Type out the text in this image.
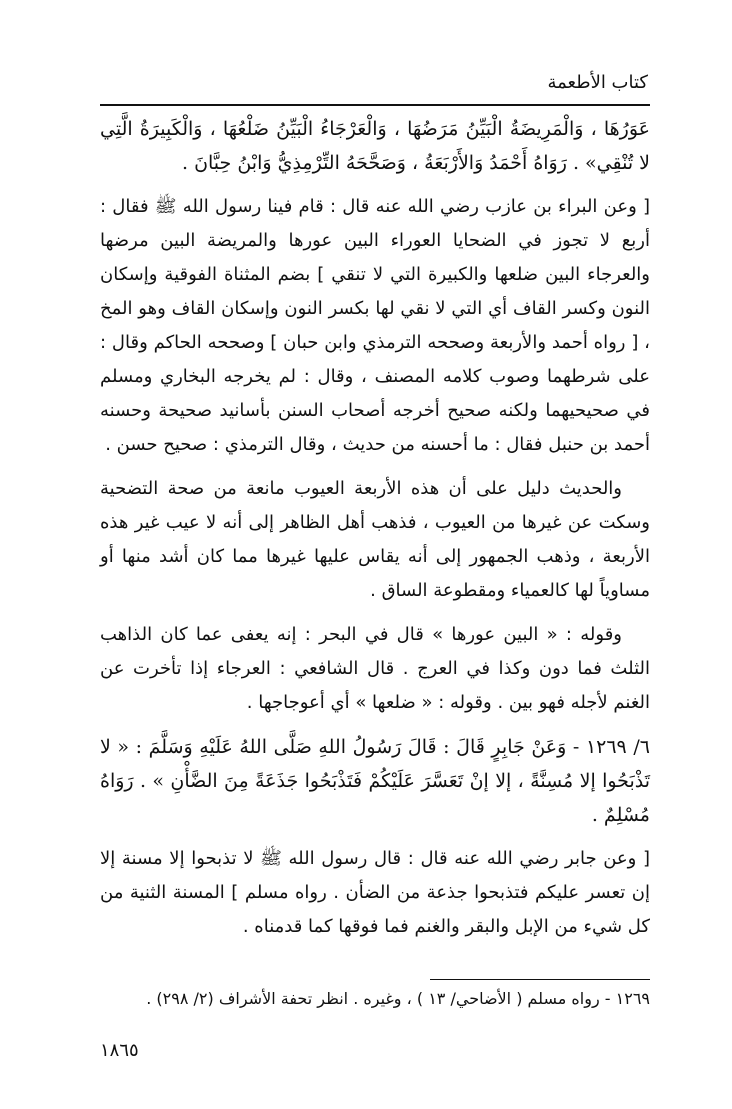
كتاب الأطعمة

عَوَرُهَا ، وَالْمَرِيضَةُ الْبَيِّنُ مَرَضُهَا ، وَالْعَرْجَاءُ الْبَيِّنُ ضَلْعُهَا ، وَالْكَبِيرَةُ الَّتِي لا تُنْقِي» . رَوَاهُ أَحْمَدُ وَالأَرْبَعَةُ ، وَصَحَّحَهُ التِّرْمِذِيُّ وَابْنُ حِبَّانَ .

[ وعن البراء بن عازب رضي الله عنه قال : قام فينا رسول الله ﷺ فقال : أربع لا تجوز في الضحايا العوراء البين عورها والمريضة البين مرضها والعرجاء البين ضلعها والكبيرة التي لا تنقي ] بضم المثناة الفوقية وإسكان النون وكسر القاف أي التي لا نقي لها بكسر النون وإسكان القاف وهو المخ ، [ رواه أحمد والأربعة وصححه الترمذي وابن حبان ] وصححه الحاكم وقال : على شرطهما وصوب كلامه المصنف ، وقال : لم يخرجه البخاري ومسلم في صحيحيهما ولكنه صحيح أخرجه أصحاب السنن بأسانيد صحيحة وحسنه أحمد بن حنبل فقال : ما أحسنه من حديث ، وقال الترمذي : صحيح حسن .

والحديث دليل على أن هذه الأربعة العيوب مانعة من صحة التضحية وسكت عن غيرها من العيوب ، فذهب أهل الظاهر إلى أنه لا عيب غير هذه الأربعة ، وذهب الجمهور إلى أنه يقاس عليها غيرها مما كان أشد منها أو مساوياً لها كالعمياء ومقطوعة الساق .

وقوله : « البين عورها » قال في البحر : إنه يعفى عما كان الذاهب الثلث فما دون وكذا في العرج . قال الشافعي : العرجاء إذا تأخرت عن الغنم لأجله فهو بين . وقوله : « ضلعها » أي أعوجاجها .

٦/ ١٢٦٩ - وَعَنْ جَابِرٍ قَالَ : قَالَ رَسُولُ اللهِ صَلَّى اللهُ عَلَيْهِ وَسَلَّمَ : « لا تَذْبَحُوا إلا مُسِنَّةً ، إلا إنْ تَعَسَّرَ عَلَيْكُمْ فَتَذْبَحُوا جَذَعَةً مِنَ الضَّأْنِ » . رَوَاهُ مُسْلِمٌ .

[ وعن جابر رضي الله عنه قال : قال رسول الله ﷺ لا تذبحوا إلا مسنة إلا إن تعسر عليكم فتذبحوا جذعة من الضأن . رواه مسلم ] المسنة الثنية من كل شيء من الإبل والبقر والغنم فما فوقها كما قدمناه .

١٢٦٩ - رواه مسلم ( الأضاحي/ ١٣ ) ، وغيره . انظر تحفة الأشراف (٢/ ٢٩٨) .
١٨٦٥
